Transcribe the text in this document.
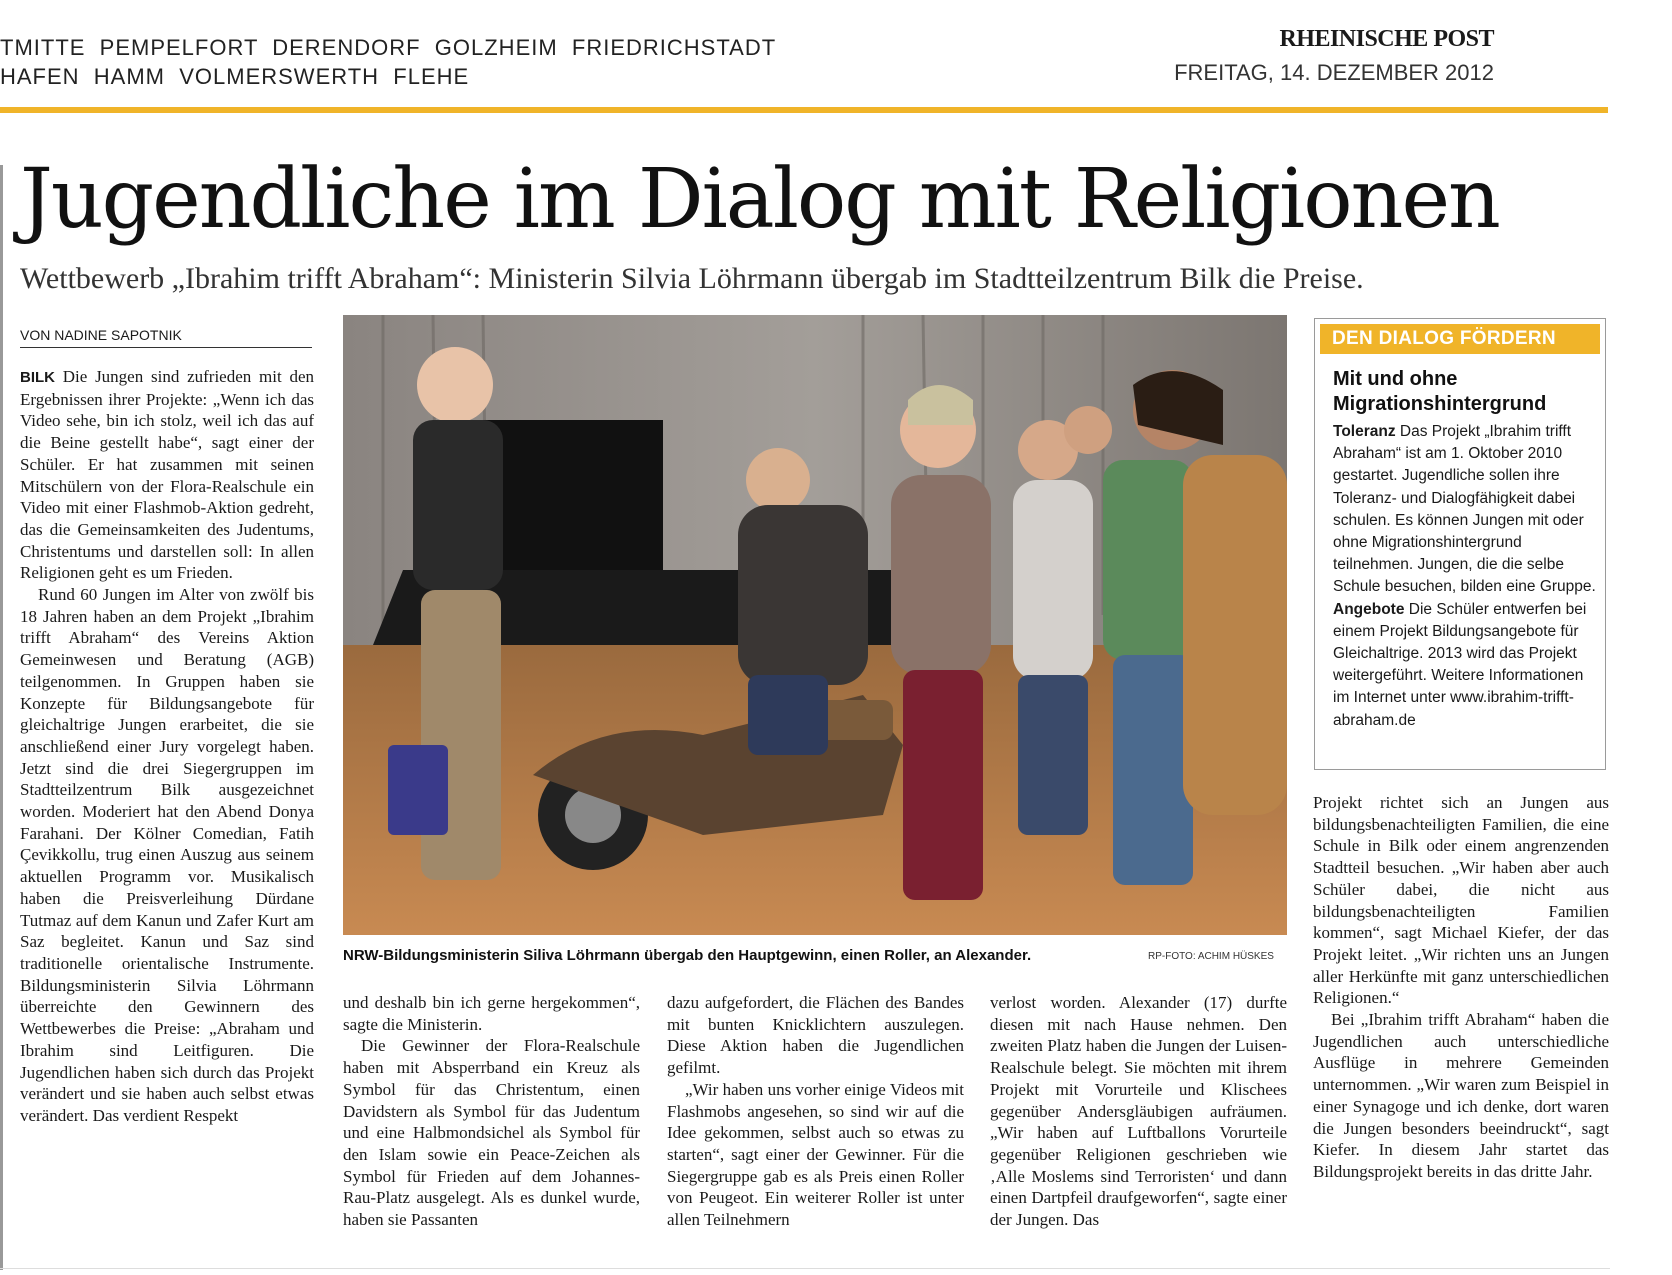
TMITTE  PEMPELFORT  DERENDORF  GOLZHEIM  FRIEDRICHSTADT
HAFEN  HAMM  VOLMERSWERTH  FLEHE
RHEINISCHE POST
FREITAG, 14. DEZEMBER 2012
Jugendliche im Dialog mit Religionen
Wettbewerb „Ibrahim trifft Abraham“: Ministerin Silvia Löhrmann übergab im Stadtteilzentrum Bilk die Preise.
VON NADINE SAPOTNIK

BILK Die Jungen sind zufrieden mit den Ergebnissen ihrer Projekte: „Wenn ich das Video sehe, bin ich stolz, weil ich das auf die Beine gestellt habe“, sagt einer der Schüler. Er hat zusammen mit seinen Mitschülern von der Flora-Realschule ein Video mit einer Flashmob-Aktion gedreht, das die Gemeinsamkeiten des Judentums, Christentums und darstellen soll: In allen Religionen geht es um Frieden.

Rund 60 Jungen im Alter von zwölf bis 18 Jahren haben an dem Projekt „Ibrahim trifft Abraham“ des Vereins Aktion Gemeinwesen und Beratung (AGB) teilgenommen. In Gruppen haben sie Konzepte für Bildungsangebote für gleichaltrige Jungen erarbeitet, die sie anschließend einer Jury vorgelegt haben. Jetzt sind die drei Siegergruppen im Stadtteilzentrum Bilk ausgezeichnet worden. Moderiert hat den Abend Donya Farahani. Der Kölner Comedian, Fatih Çevikkollu, trug einen Auszug aus seinem aktuellen Programm vor. Musikalisch haben die Preisverleihung Dürdane Tutmaz auf dem Kanun und Zafer Kurt am Saz begleitet. Kanun und Saz sind traditionelle orientalische Instrumente. Bildungsministerin Silvia Löhrmann überreichte den Gewinnern des Wettbewerbes die Preise: „Abraham und Ibrahim sind Leitfiguren. Die Jugendlichen haben sich durch das Projekt verändert und sie haben auch selbst etwas verändert. Das verdient Respekt

NRW-Bildungsministerin Siliva Löhrmann übergab den Hauptgewinn, einen Roller, an Alexander.	RP-FOTO: ACHIM HÜSKES
DEN DIALOG FÖRDERN
Mit und ohne Migrationshintergrund

Toleranz Das Projekt „Ibrahim trifft Abraham“ ist am 1. Oktober 2010 gestartet. Jugendliche sollen ihre Toleranz- und Dialogfähigkeit dabei schulen. Es können Jungen mit oder ohne Migrationshintergrund teilnehmen. Jungen, die die selbe Schule besuchen, bilden eine Gruppe.

Angebote Die Schüler entwerfen bei einem Projekt Bildungsangebote für Gleichaltrige. 2013 wird das Projekt weitergeführt. Weitere Informationen im Internet unter www.ibrahim-trifft-abraham.de

und deshalb bin ich gerne hergekommen“, sagte die Ministerin.

Die Gewinner der Flora-Realschule haben mit Absperrband ein Kreuz als Symbol für das Christentum, einen Davidstern als Symbol für das Judentum und eine Halbmondsichel als Symbol für den Islam sowie ein Peace-Zeichen als Symbol für Frieden auf dem Johannes-Rau-Platz ausgelegt. Als es dunkel wurde, haben sie Passanten

dazu aufgefordert, die Flächen des Bandes mit bunten Knicklichtern auszulegen. Diese Aktion haben die Jugendlichen gefilmt.

„Wir haben uns vorher einige Videos mit Flashmobs angesehen, so sind wir auf die Idee gekommen, selbst auch so etwas zu starten“, sagt einer der Gewinner. Für die Siegergruppe gab es als Preis einen Roller von Peugeot. Ein weiterer Roller ist unter allen Teilnehmern

verlost worden. Alexander (17) durfte diesen mit nach Hause nehmen. Den zweiten Platz haben die Jungen der Luisen-Realschule belegt. Sie möchten mit ihrem Projekt mit Vorurteile und Klischees gegenüber Andersgläubigen aufräumen. „Wir haben auf Luftballons Vorurteile gegenüber Religionen geschrieben wie ‚Alle Moslems sind Terroristen‘ und dann einen Dartpfeil draufgeworfen“, sagte einer der Jungen. Das

Projekt richtet sich an Jungen aus bildungsbenachteiligten Familien, die eine Schule in Bilk oder einem angrenzenden Stadtteil besuchen. „Wir haben aber auch Schüler dabei, die nicht aus bildungsbenachteiligten Familien kommen“, sagt Michael Kiefer, der das Projekt leitet. „Wir richten uns an Jungen aller Herkünfte mit ganz unterschiedlichen Religionen.“

Bei „Ibrahim trifft Abraham“ haben die Jugendlichen auch unterschiedliche Ausflüge in mehrere Gemeinden unternommen. „Wir waren zum Beispiel in einer Synagoge und ich denke, dort waren die Jungen besonders beeindruckt“, sagt Kiefer. In diesem Jahr startet das Bildungsprojekt bereits in das dritte Jahr.
